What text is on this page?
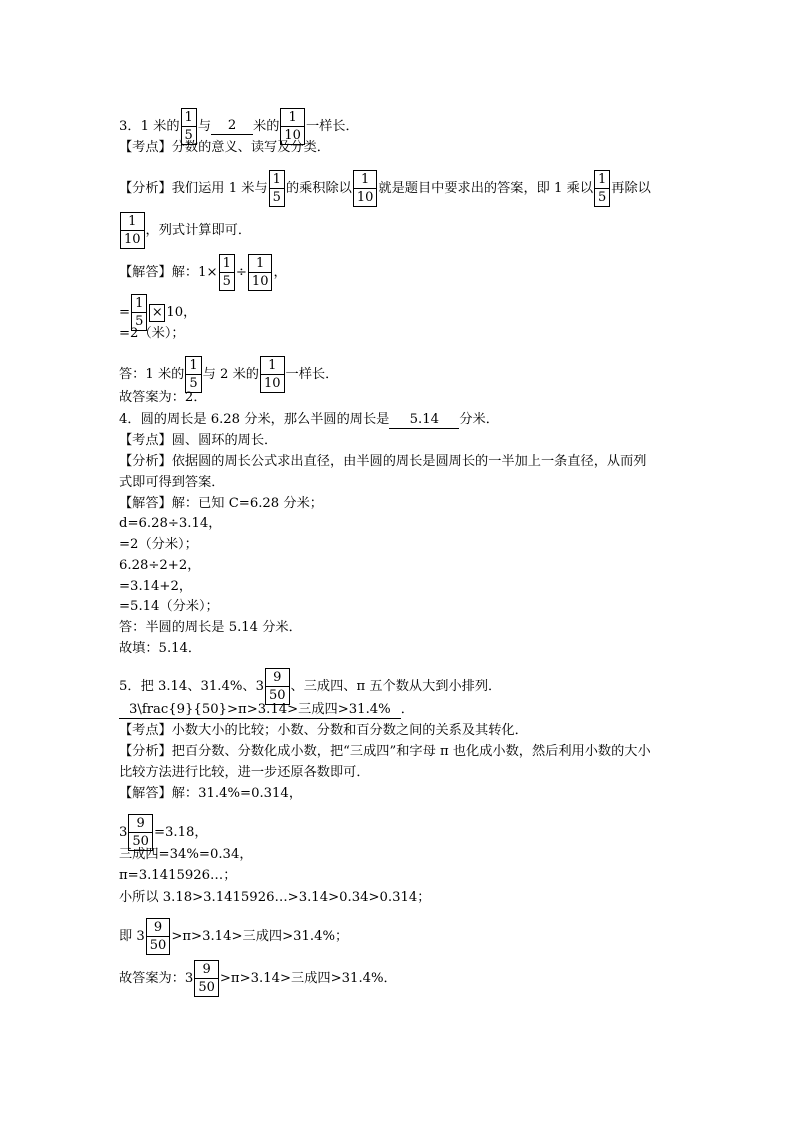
3．1 米的
1
5
与	2	米的
1
10
一样长．
【考点】分数的意义、读写及分类．
【分析】我们运用 1 米与
1
5
的乘积除以
1
10
就是题目中要求出的答案，即 1 乘以
1
5
再除以
1
10
，列式计算即可．
【解答】解：$1\times \frac{1}{5} \div \frac{1}{10}$ ，
= $\frac{1}{5} \times 10$，
=2（米）；
答：1 米的
1
5
与 2 米的
1
10
一样长．
故答案为：2．
4．圆的周长是 6.28 分米，那么半圆的周长是	5.14	分米．
【考点】圆、圆环的周长．
【分析】依据圆的周长公式求出直径，由半圆的周长是圆周长的一半加上一条直径，从而列
式即可得到答案．
【解答】解：已知 C=6.28 分米；
d=6.28÷3.14，
=2（分米）；
6.28÷2+2，
=3.14+2，
=5.14（分米）；
答：半圆的周长是 5.14 分米．
故填：5.14．
5．把 3.14、31.4%、3
9
50
、三成四、π 五个数从大到小排列．
3\frac{9}{50}>π>3.14>三成四>31.4% ．
【考点】小数大小的比较；小数、分数和百分数之间的关系及其转化．
【分析】把百分数、分数化成小数，把“三成四”和字母 π 也化成小数，然后利用小数的大小
比较方法进行比较，进一步还原各数即可．
【解答】解：31.4%=0.314，
$3 \frac{9}{50} =3.18$，
三成四=34%=0.34，
π=3.1415926…；
小所以 3.18>3.1415926…>3.14>0.34>0.314；
即 3
9
50
>π>3.14>三成四>31.4%；
故答案为：3
9
50
>π>3.14>三成四>31.4%．
